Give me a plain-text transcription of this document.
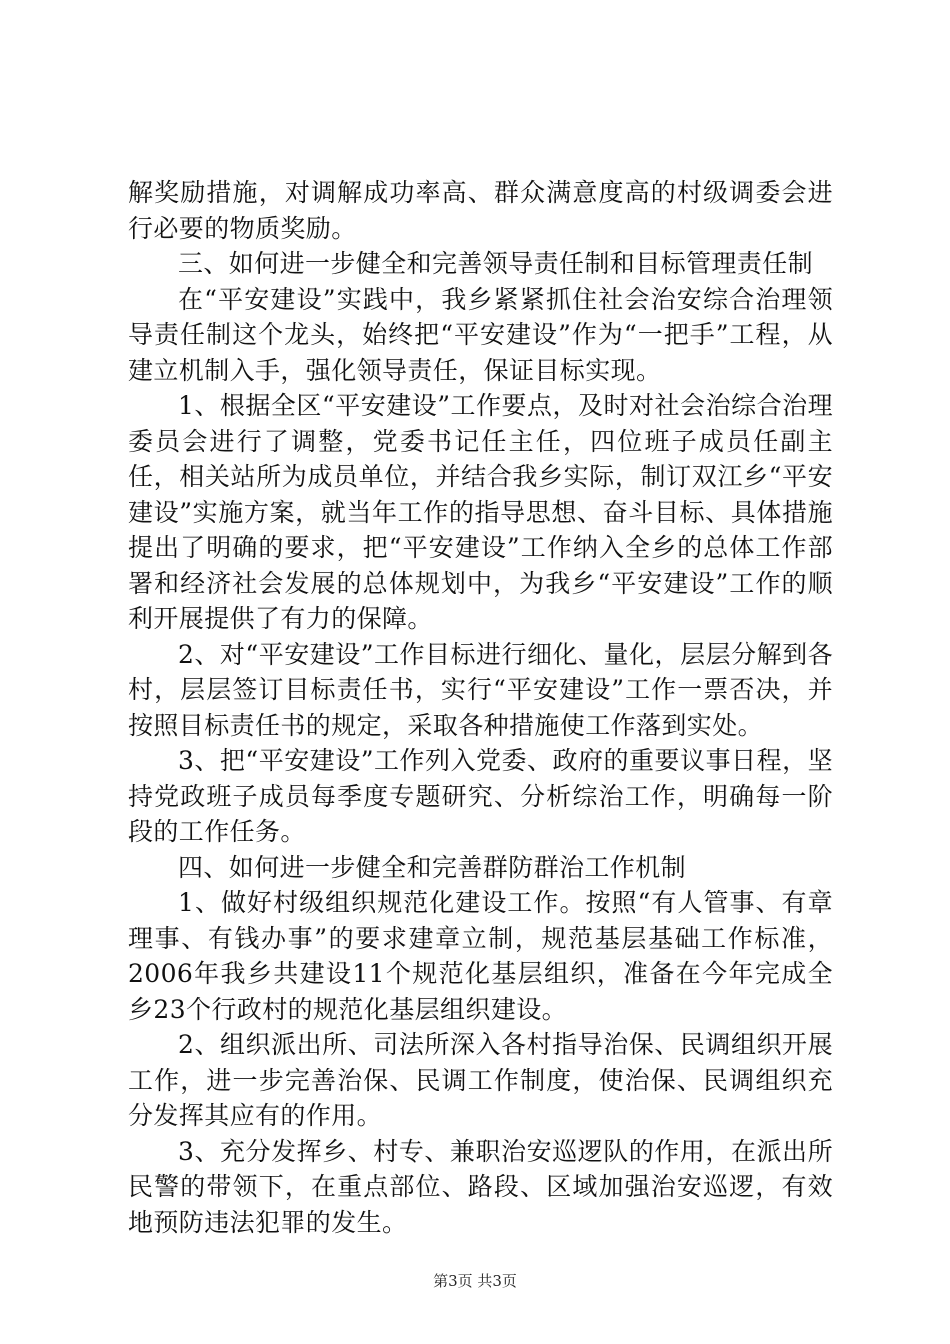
解奖励措施，对调解成功率高、群众满意度高的村级调委会进行必要的物质奖励。

三、如何进一步健全和完善领导责任制和目标管理责任制

在“平安建设”实践中，我乡紧紧抓住社会治安综合治理领导责任制这个龙头，始终把“平安建设”作为“一把手”工程，从建立机制入手，强化领导责任，保证目标实现。

1、根据全区“平安建设”工作要点，及时对社会治综合治理委员会进行了调整，党委书记任主任，四位班子成员任副主任，相关站所为成员单位，并结合我乡实际，制订双江乡“平安建设”实施方案，就当年工作的指导思想、奋斗目标、具体措施提出了明确的要求，把“平安建设”工作纳入全乡的总体工作部署和经济社会发展的总体规划中，为我乡“平安建设”工作的顺利开展提供了有力的保障。

2、对“平安建设”工作目标进行细化、量化，层层分解到各村，层层签订目标责任书，实行“平安建设”工作一票否决，并按照目标责任书的规定，采取各种措施使工作落到实处。

3、把“平安建设”工作列入党委、政府的重要议事日程，坚持党政班子成员每季度专题研究、分析综治工作，明确每一阶段的工作任务。

四、如何进一步健全和完善群防群治工作机制

1、做好村级组织规范化建设工作。按照“有人管事、有章理事、有钱办事”的要求建章立制，规范基层基础工作标准，2006年我乡共建设11个规范化基层组织，准备在今年完成全乡23个行政村的规范化基层组织建设。

2、组织派出所、司法所深入各村指导治保、民调组织开展工作，进一步完善治保、民调工作制度，使治保、民调组织充分发挥其应有的作用。

3、充分发挥乡、村专、兼职治安巡逻队的作用，在派出所民警的带领下，在重点部位、路段、区域加强治安巡逻，有效地预防违法犯罪的发生。

第3页 共3页
